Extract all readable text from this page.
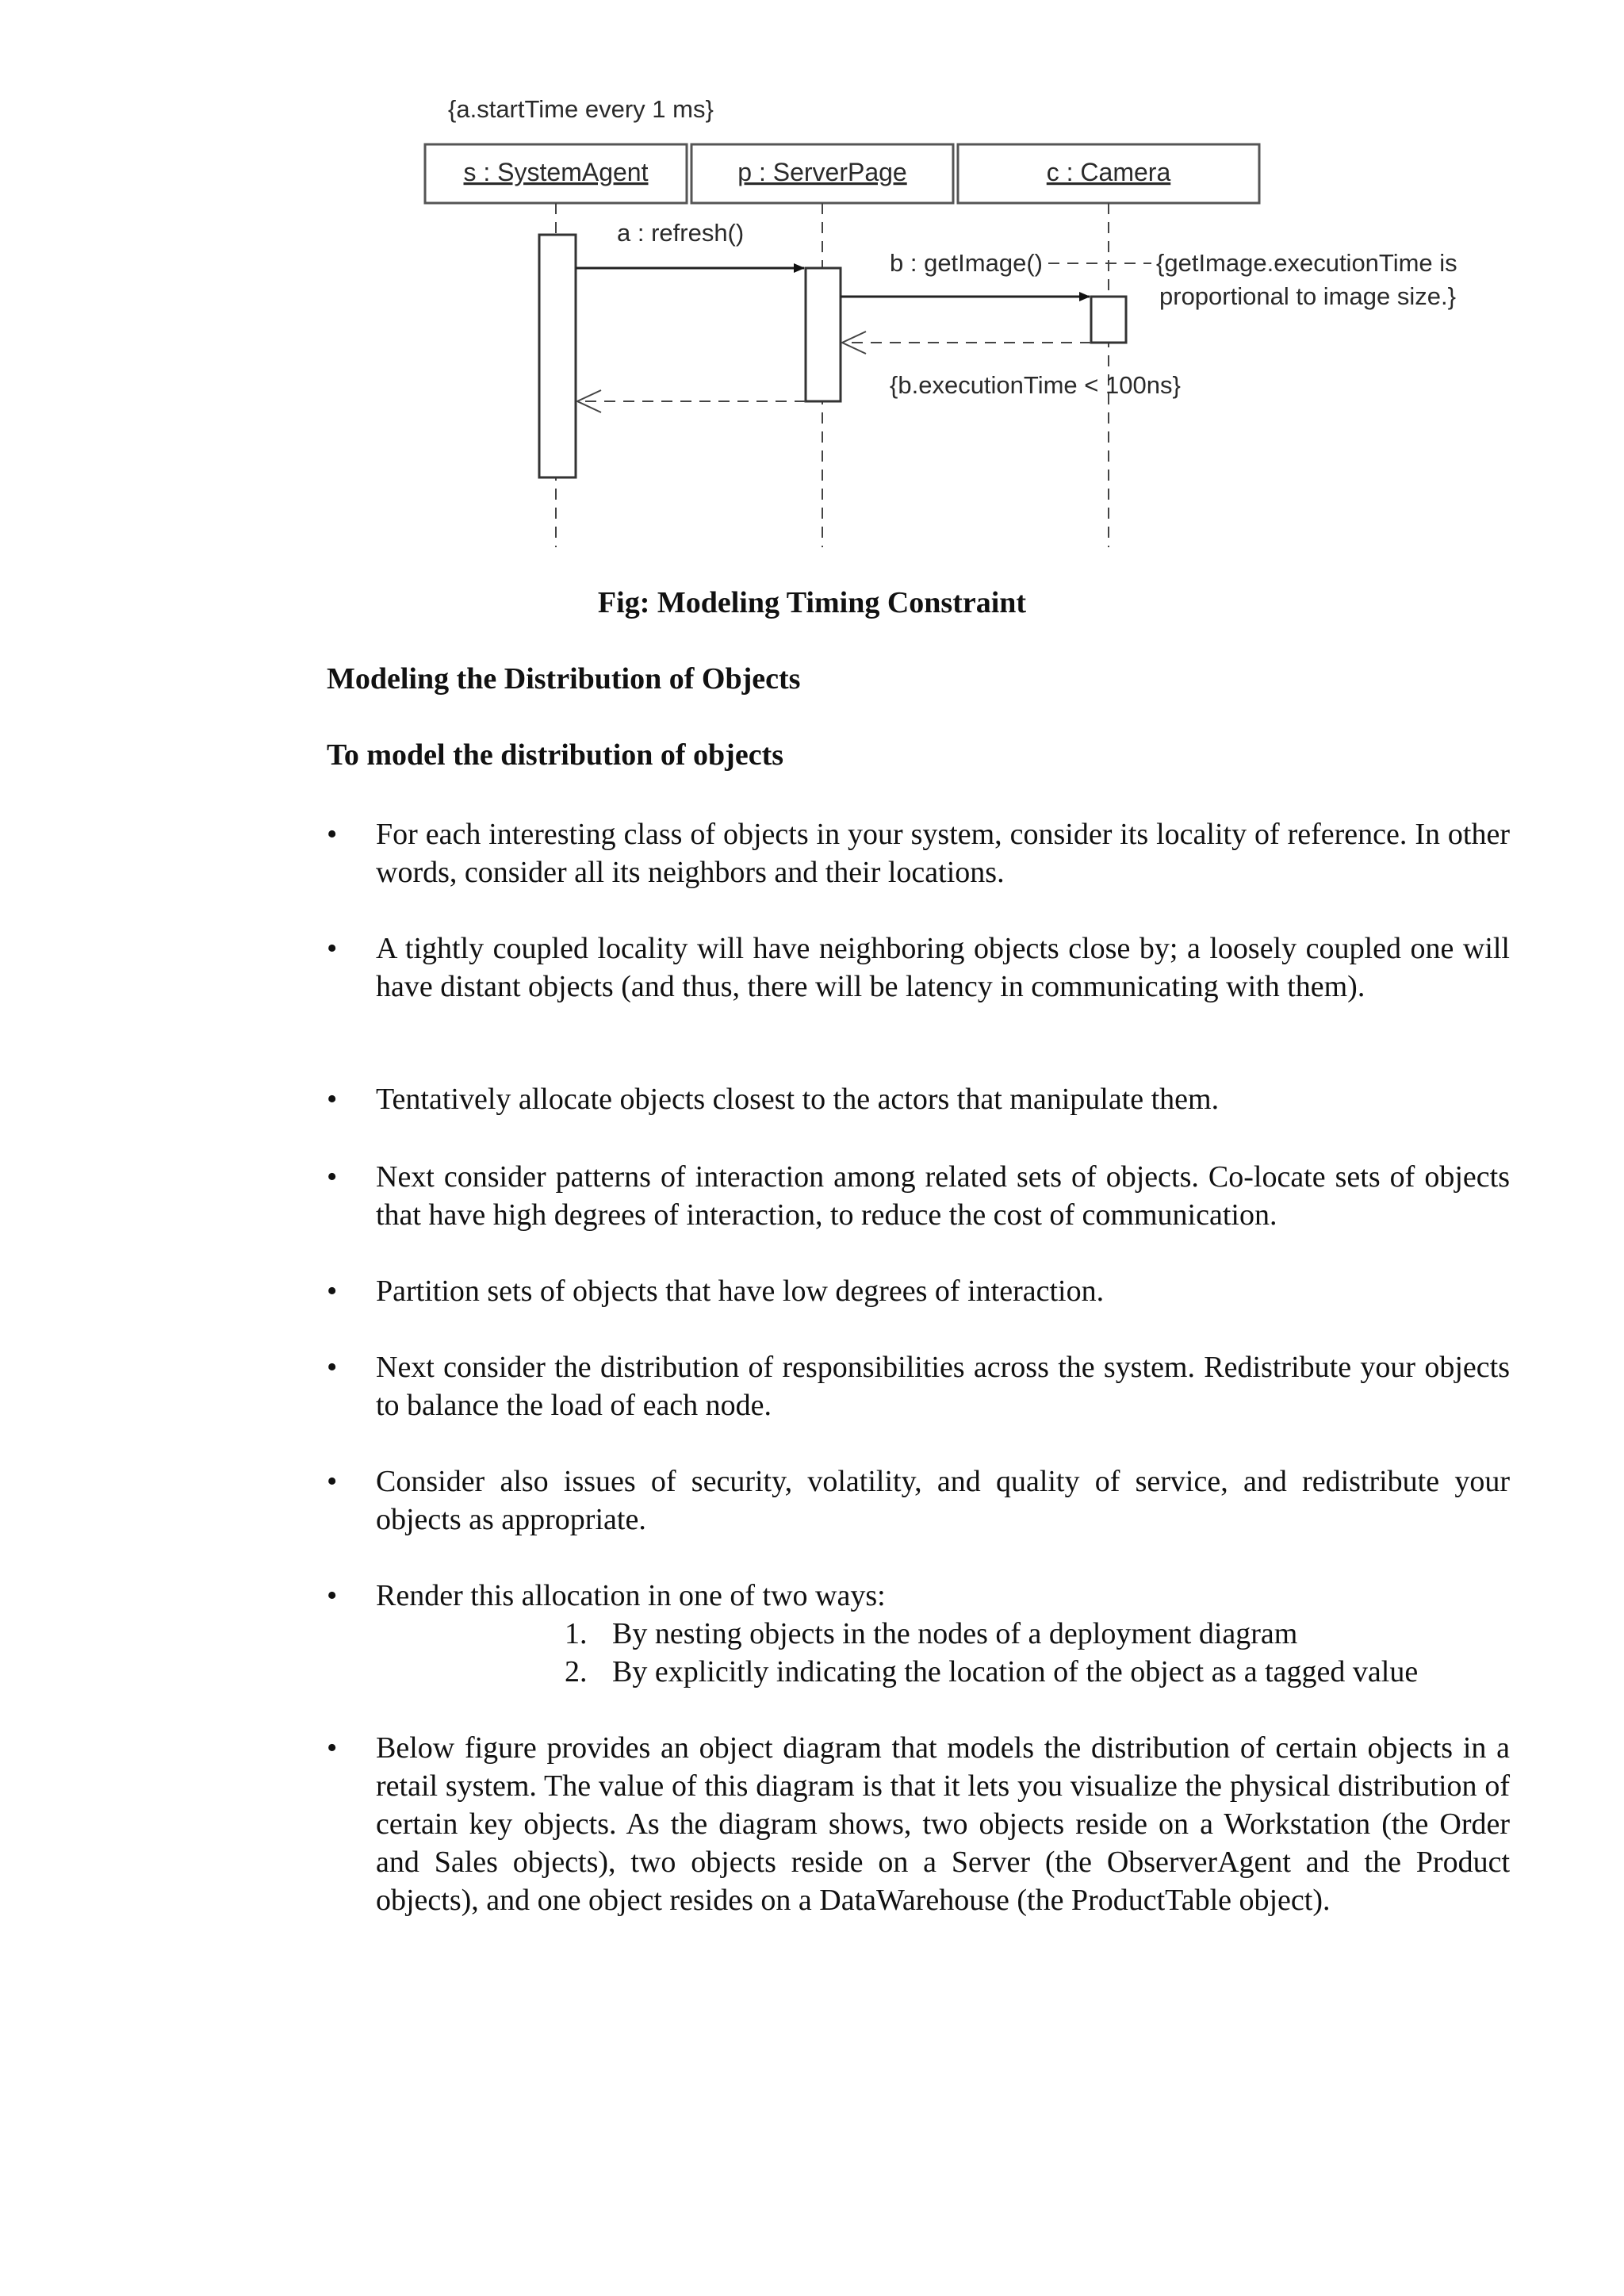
{a.startTime every 1 ms}
s : SystemAgent	p : ServerPage	c : Camera
a : refresh()
b : getImage()	{getImage.executionTime is
proportional to image size.}
{b.executionTime < 100ns}
Fig: Modeling Timing Constraint
Modeling the Distribution of Objects
To model the distribution of objects
•	For each interesting class of objects in your system, consider its locality of reference. In other words, consider all its neighbors and their locations.
•	A tightly coupled locality will have neighboring objects close by; a loosely coupled one will have distant objects (and thus, there will be latency in communicating with them).
•	Tentatively allocate objects closest to the actors that manipulate them.
•	Next consider patterns of interaction among related sets of objects. Co-locate sets of objects that have high degrees of interaction, to reduce the cost of communication.
•	Partition sets of objects that have low degrees of interaction.
•	Next consider the distribution of responsibilities across the system. Redistribute your objects to balance the load of each node.
•	Consider also issues of security, volatility, and quality of service, and redistribute your objects as appropriate.
•	Render this allocation in one of two ways:
1. By nesting objects in the nodes of a deployment diagram
2. By explicitly indicating the location of the object as a tagged value
•	Below figure provides an object diagram that models the distribution of certain objects in a retail system. The value of this diagram is that it lets you visualize the physical distribution of certain key objects. As the diagram shows, two objects reside on a Workstation (the Order and Sales objects), two objects reside on a Server (the ObserverAgent and the Product objects), and one object resides on a DataWarehouse (the ProductTable object).
